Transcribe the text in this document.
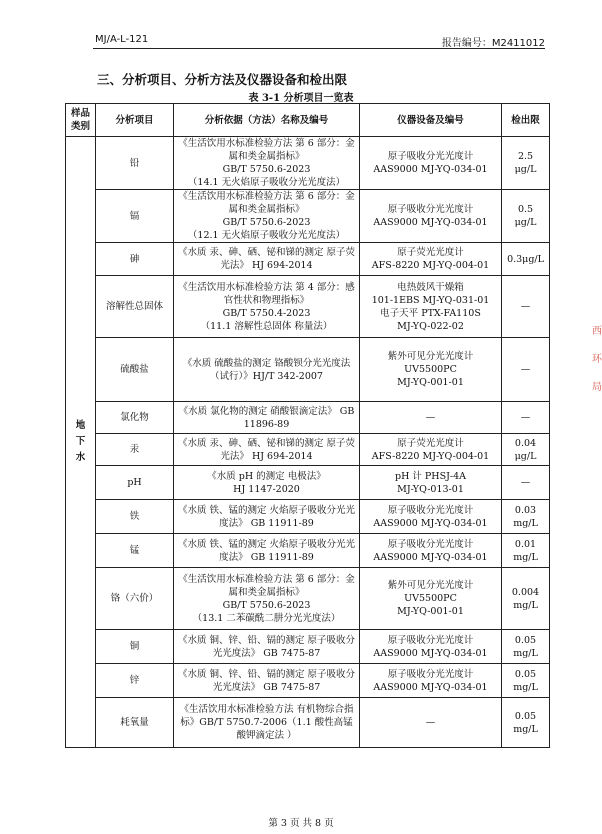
MJ/A-L-121	报告编号：M2411012
三、分析项目、分析方法及仪器设备和检出限
表 3-1 分析项目一览表
样品类别	分析项目	分析依据（方法）名称及编号	仪器设备及编号	检出限
地
下
水	铅	《生活饮用水标准检验方法 第 6 部分：金属和类金属指标》
GB/T 5750.6-2023
（14.1 无火焰原子吸收分光光度法）	原子吸收分光光度计
AAS9000 MJ-YQ-034-01	2.5
μg/L
	镉	《生活饮用水标准检验方法 第 6 部分：金属和类金属指标》
GB/T 5750.6-2023
（12.1 无火焰原子吸收分光光度法）	原子吸收分光光度计
AAS9000 MJ-YQ-034-01	0.5
μg/L
	砷	《水质 汞、砷、硒、铋和锑的测定 原子荧光法》 HJ 694-2014	原子荧光光度计
AFS-8220 MJ-YQ-004-01	0.3μg/L
	溶解性总固体	《生活饮用水标准检验方法 第 4 部分：感官性状和物理指标》
GB/T 5750.4-2023
（11.1 溶解性总固体 称量法）	电热鼓风干燥箱
101-1EBS MJ-YQ-031-01
电子天平 PTX-FA110S
MJ-YQ-022-02	—
	硫酸盐	《水质 硫酸盐的测定 铬酸钡分光光度法（试行）》HJ/T 342-2007	紫外可见分光光度计
UV5500PC
MJ-YQ-001-01	—
	氯化物	《水质 氯化物的测定 硝酸银滴定法》 GB 11896-89	—	—
	汞	《水质 汞、砷、硒、铋和锑的测定 原子荧光法》 HJ 694-2014	原子荧光光度计
AFS-8220 MJ-YQ-004-01	0.04
μg/L
	pH	《水质 pH 的测定 电极法》
HJ 1147-2020	pH 计 PHSJ-4A
MJ-YQ-013-01	—
	铁	《水质 铁、锰的测定 火焰原子吸收分光光度法》 GB 11911-89	原子吸收分光光度计
AAS9000 MJ-YQ-034-01	0.03
mg/L
	锰	《水质 铁、锰的测定 火焰原子吸收分光光度法》 GB 11911-89	原子吸收分光光度计
AAS9000 MJ-YQ-034-01	0.01
mg/L
	铬（六价）	《生活饮用水标准检验方法 第 6 部分：金属和类金属指标》
GB/T 5750.6-2023
（13.1 二苯碳酰二肼分光光度法）	紫外可见分光光度计
UV5500PC
MJ-YQ-001-01	0.004
mg/L
	铜	《水质 铜、锌、铅、镉的测定 原子吸收分光光度法》 GB 7475-87	原子吸收分光光度计
AAS9000 MJ-YQ-034-01	0.05
mg/L
	锌	《水质 铜、锌、铅、镉的测定 原子吸收分光光度法》 GB 7475-87	原子吸收分光光度计
AAS9000 MJ-YQ-034-01	0.05
mg/L
	耗氧量	《生活饮用水标准检验方法 有机物综合指标》GB/T 5750.7-2006（1.1 酸性高锰酸钾滴定法 ）	—	0.05
mg/L
第 3 页 共 8 页
西

环

局
